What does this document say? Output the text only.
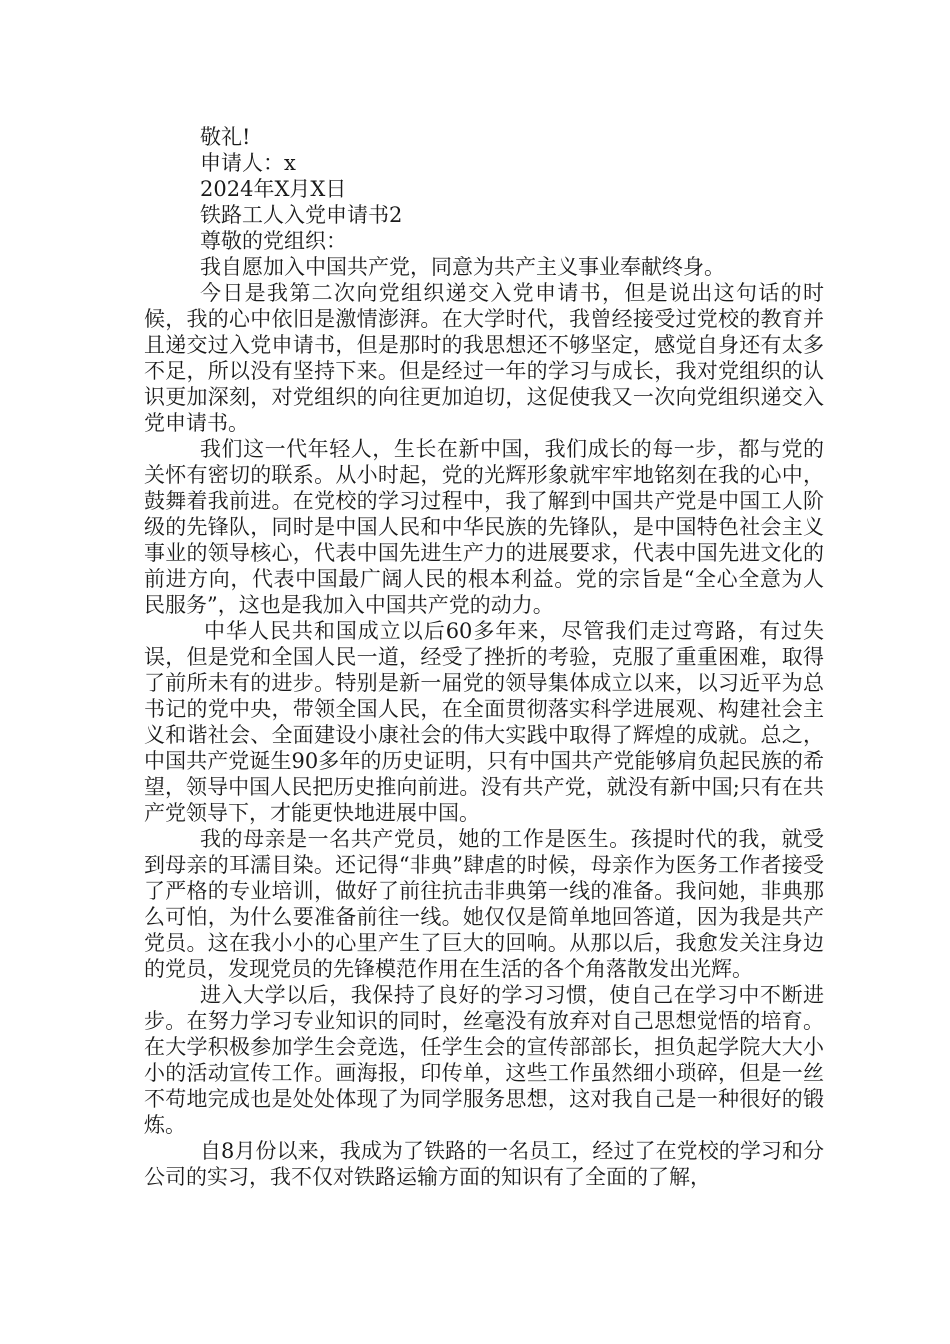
敬礼!

申请人：x

2024年X月X日

铁路工人入党申请书2

尊敬的党组织：

我自愿加入中国共产党，同意为共产主义事业奉献终身。

今日是我第二次向党组织递交入党申请书，但是说出这句话的时候，我的心中依旧是激情澎湃。在大学时代，我曾经接受过党校的教育并且递交过入党申请书，但是那时的我思想还不够坚定，感觉自身还有太多不足，所以没有坚持下来。但是经过一年的学习与成长，我对党组织的认识更加深刻，对党组织的向往更加迫切，这促使我又一次向党组织递交入党申请书。

我们这一代年轻人，生长在新中国，我们成长的每一步，都与党的关怀有密切的联系。从小时起，党的光辉形象就牢牢地铭刻在我的心中，鼓舞着我前进。在党校的学习过程中，我了解到中国共产党是中国工人阶级的先锋队，同时是中国人民和中华民族的先锋队，是中国特色社会主义事业的领导核心，代表中国先进生产力的进展要求，代表中国先进文化的前进方向，代表中国最广阔人民的根本利益。党的宗旨是“全心全意为人民服务”，这也是我加入中国共产党的动力。

中华人民共和国成立以后60多年来，尽管我们走过弯路，有过失误，但是党和全国人民一道，经受了挫折的考验，克服了重重困难，取得了前所未有的进步。特别是新一届党的领导集体成立以来，以习近平为总书记的党中央，带领全国人民，在全面贯彻落实科学进展观、构建社会主义和谐社会、全面建设小康社会的伟大实践中取得了辉煌的成就。总之，中国共产党诞生90多年的历史证明，只有中国共产党能够肩负起民族的希望，领导中国人民把历史推向前进。没有共产党，就没有新中国;只有在共产党领导下，才能更快地进展中国。

我的母亲是一名共产党员，她的工作是医生。孩提时代的我，就受到母亲的耳濡目染。还记得“非典”肆虐的时候，母亲作为医务工作者接受了严格的专业培训，做好了前往抗击非典第一线的准备。我问她，非典那么可怕，为什么要准备前往一线。她仅仅是简单地回答道，因为我是共产党员。这在我小小的心里产生了巨大的回响。从那以后，我愈发关注身边的党员，发现党员的先锋模范作用在生活的各个角落散发出光辉。

进入大学以后，我保持了良好的学习习惯，使自己在学习中不断进步。在努力学习专业知识的同时，丝毫没有放弃对自己思想觉悟的培育。在大学积极参加学生会竞选，任学生会的宣传部部长，担负起学院大大小小的活动宣传工作。画海报，印传单，这些工作虽然细小琐碎，但是一丝不苟地完成也是处处体现了为同学服务思想，这对我自己是一种很好的锻炼。

自8月份以来，我成为了铁路的一名员工，经过了在党校的学习和分公司的实习，我不仅对铁路运输方面的知识有了全面的了解，
